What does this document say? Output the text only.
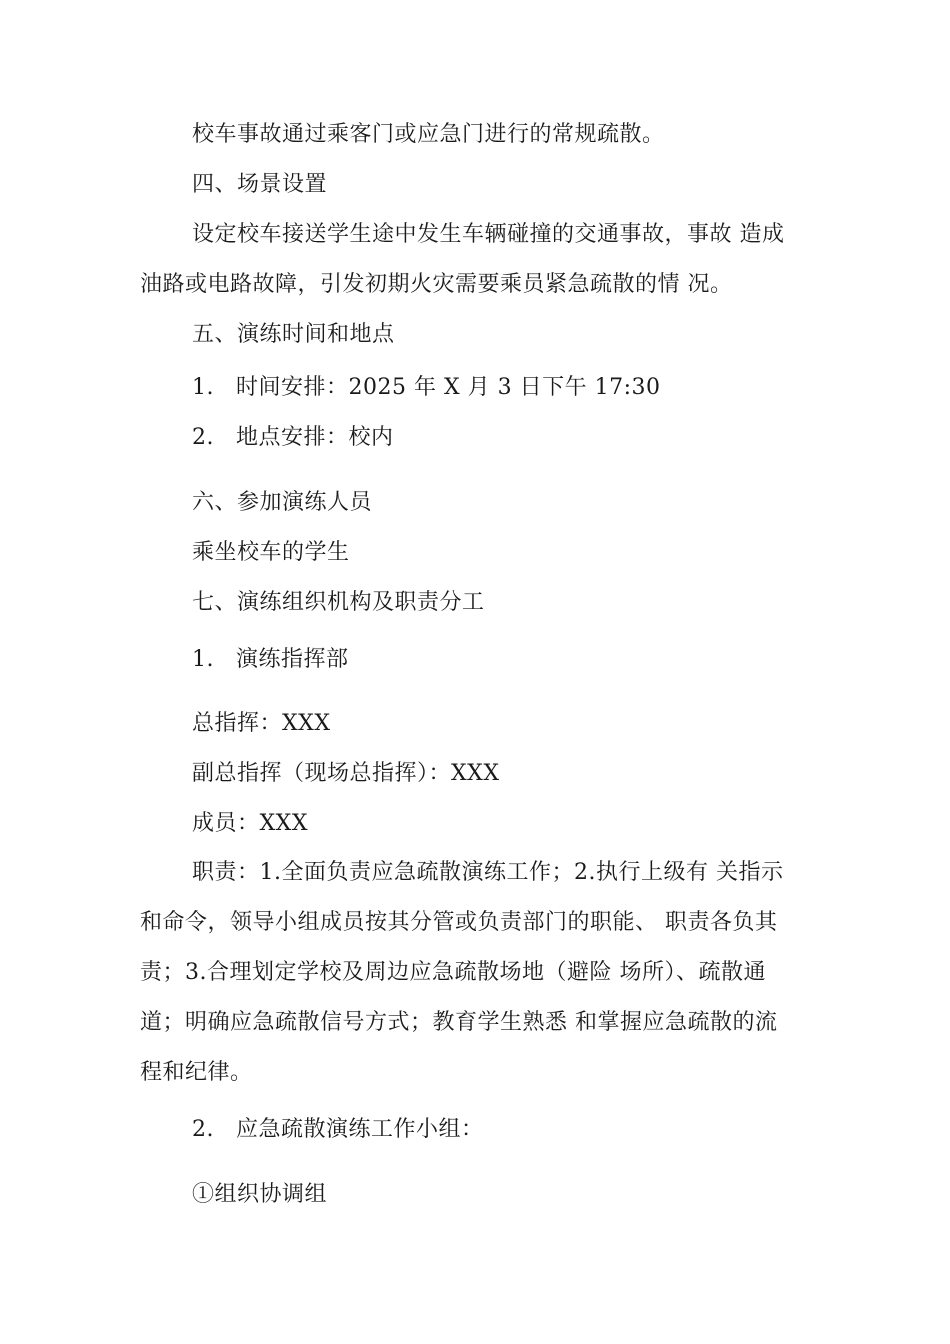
校车事故通过乘客门或应急门进行的常规疏散。
四、场景设置
设定校车接送学生途中发生车辆碰撞的交通事故，事故 造成
油路或电路故障，引发初期火灾需要乘员紧急疏散的情 况。
五、演练时间和地点
1. 时间安排：2025 年 X 月 3 日下午 17:30
2. 地点安排：校内
六、参加演练人员
乘坐校车的学生
七、演练组织机构及职责分工
1. 演练指挥部
总指挥：XXX
副总指挥（现场总指挥）：XXX
成员：XXX
职责：1.全面负责应急疏散演练工作；2.执行上级有 关指示
和命令，领导小组成员按其分管或负责部门的职能、 职责各负其
责；3.合理划定学校及周边应急疏散场地（避险 场所）、疏散通
道；明确应急疏散信号方式；教育学生熟悉 和掌握应急疏散的流
程和纪律。
2. 应急疏散演练工作小组：
①组织协调组
